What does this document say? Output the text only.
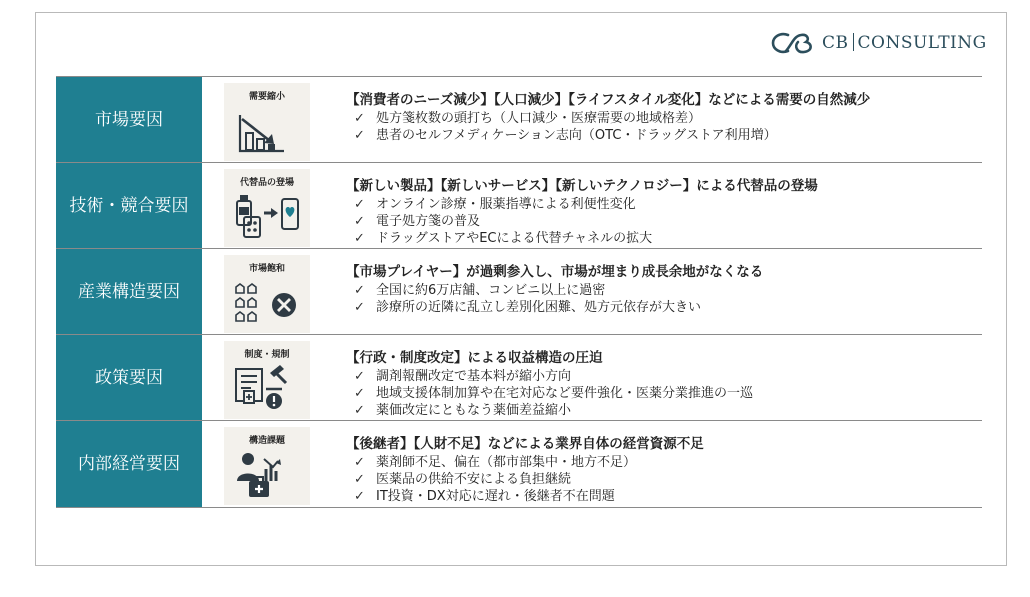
CB CONSULTING
市場要因
需要縮小	【消費者のニーズ減少】【人口減少】【ライフスタイル変化】などによる需要の自然減少
✓ 処方箋枚数の頭打ち（人口減少・医療需要の地域格差）
✓ 患者のセルフメディケーション志向（OTC・ドラッグストア利用増）
技術・競合要因
代替品の登場	【新しい製品】【新しいサービス】【新しいテクノロジー】による代替品の登場
✓ オンライン診療・服薬指導による利便性変化
✓ 電子処方箋の普及
✓ ドラッグストアやECによる代替チャネルの拡大
産業構造要因
市場飽和	【市場プレイヤー】が過剰参入し、市場が埋まり成長余地がなくなる
✓ 全国に約6万店舗、コンビニ以上に過密
✓ 診療所の近隣に乱立し差別化困難、処方元依存が大きい
政策要因
制度・規制	【行政・制度改定】による収益構造の圧迫
✓ 調剤報酬改定で基本料が縮小方向
✓ 地域支援体制加算や在宅対応など要件強化・医薬分業推進の一巡
✓ 薬価改定にともなう薬価差益縮小
内部経営要因
構造課題	【後継者】【人財不足】などによる業界自体の経営資源不足
✓ 薬剤師不足、偏在（都市部集中・地方不足）
✓ 医薬品の供給不安による負担継続
✓ IT投資・DX対応に遅れ・後継者不在問題
